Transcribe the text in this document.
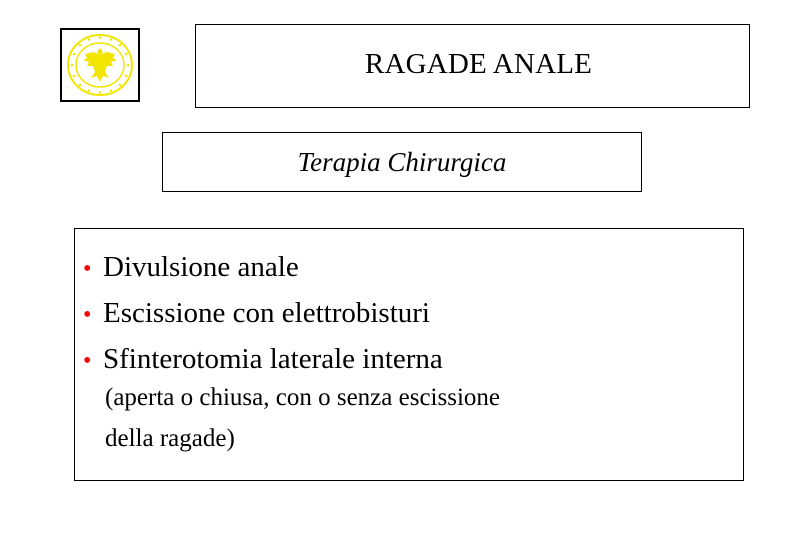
RAGADE ANALE
Terapia Chirurgica
• Divulsione anale
• Escissione con elettrobisturi
• Sfinterotomia laterale interna
(aperta o chiusa, con o senza escissione
della ragade)
